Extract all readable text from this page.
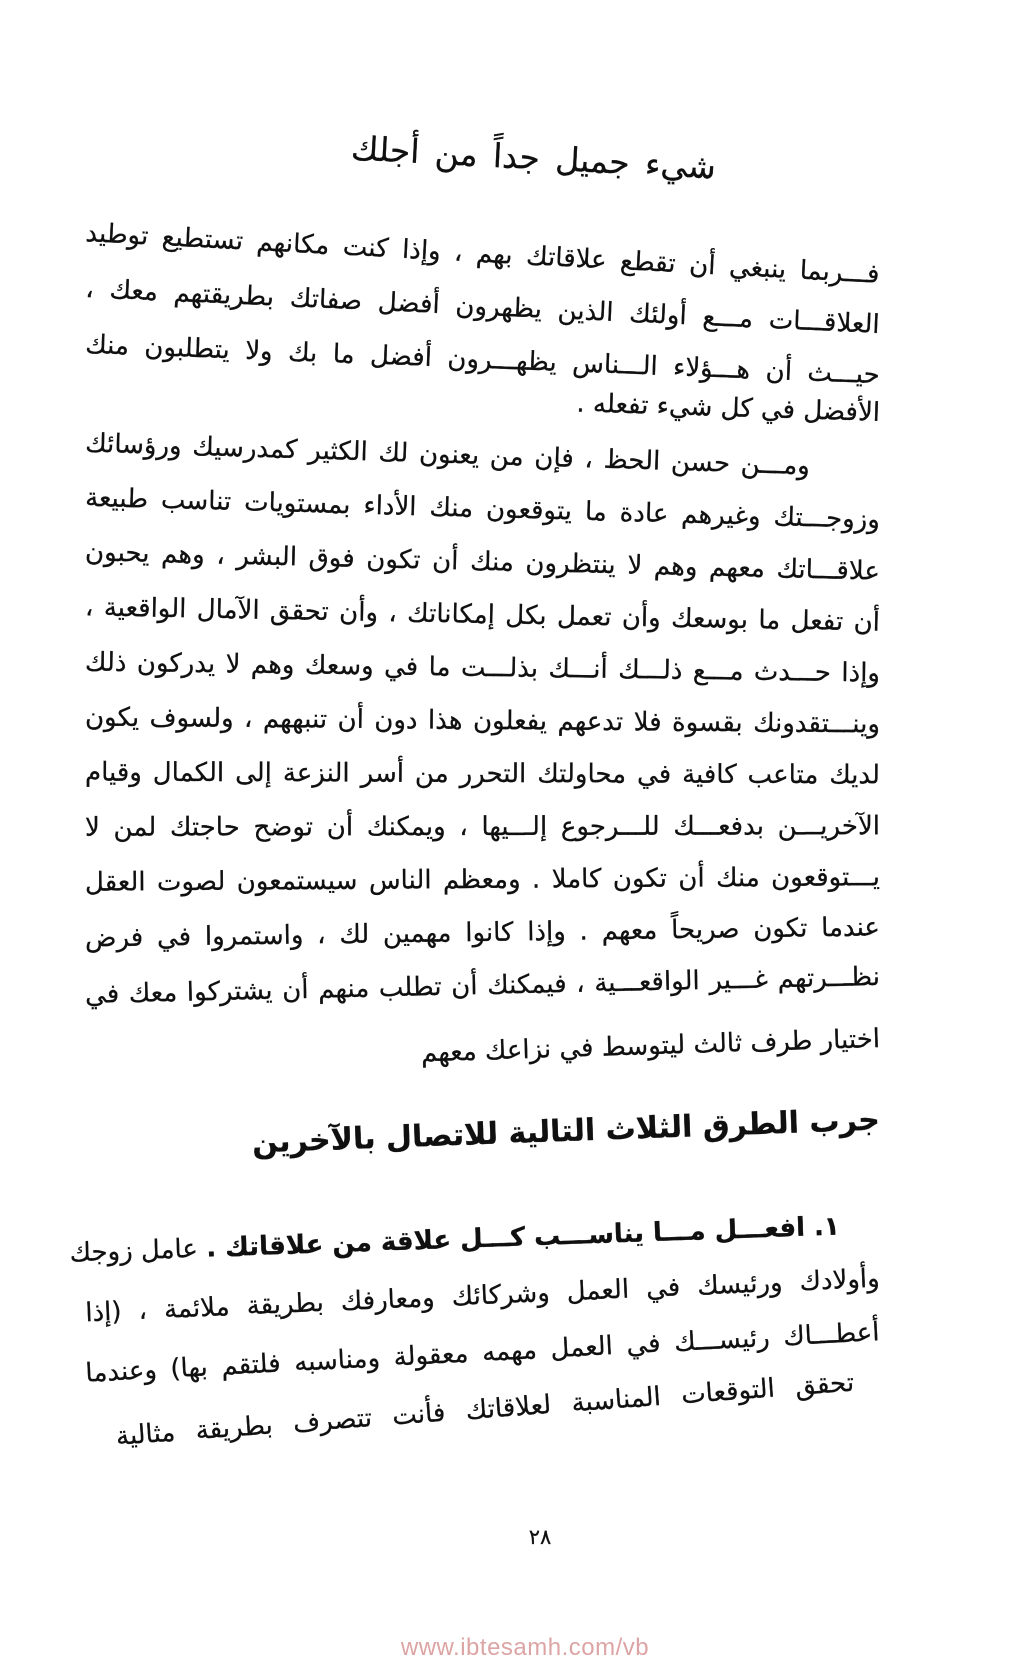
شيء جميل جداً من أجلك
فـــربما ينبغي أن تقطع علاقاتك بهم ، وإذا كنت مكانهم تستطيع توطيد
العلاقـــات مـــع أولئك الذين يظهرون أفضل صفاتك بطريقتهم معك ،
حيـــث أن هـــؤلاء الـــناس يظهـــرون أفضل ما بك ولا يتطلبون منك
الأفضل في كل شيء تفعله .
ومـــن حسن الحظ ، فإن من يعنون لك الكثير كمدرسيك ورؤسائك
وزوجـــتك وغيرهم عادة ما يتوقعون منك الأداء بمستويات تناسب طبيعة
علاقـــاتك معهم وهم لا ينتظرون منك أن تكون فوق البشر ، وهم يحبون
أن تفعل ما بوسعك وأن تعمل بكل إمكاناتك ، وأن تحقق الآمال الواقعية ،
وإذا حـــدث مـــع ذلـــك أنـــك بذلـــت ما في وسعك وهم لا يدركون ذلك
وينـــتقدونك بقسوة فلا تدعهم يفعلون هذا دون أن تنبههم ، ولسوف يكون
لديك متاعب كافية في محاولتك التحرر من أسر النزعة إلى الكمال وقيام
الآخريـــن بدفعـــك للـــرجوع إلـــيها ، ويمكنك أن توضح حاجتك لمن لا
يـــتوقعون منك أن تكون كاملا . ومعظم الناس سيستمعون لصوت العقل
عندما تكون صريحاً معهم . وإذا كانوا مهمين لك ، واستمروا في فرض
نظـــرتهم غـــير الواقعـــية ، فيمكنك أن تطلب منهم أن يشتركوا معك في
اختيار طرف ثالث ليتوسط في نزاعك معهم
جرب الطرق الثلاث التالية للاتصال بالآخرين
١. افعـــل مـــا يناســـب كـــل علاقة من علاقاتك . عامل زوجك
وأولادك ورئيسك في العمل وشركائك ومعارفك بطريقة ملائمة ، (إذا
أعطـــاك رئيســـك في العمل مهمه معقولة ومناسبه فلتقم بها) وعندما
تحقق التوقعات المناسبة لعلاقاتك فأنت تتصرف بطريقة مثالية
٢٨
www.ibtesamh.com/vb
